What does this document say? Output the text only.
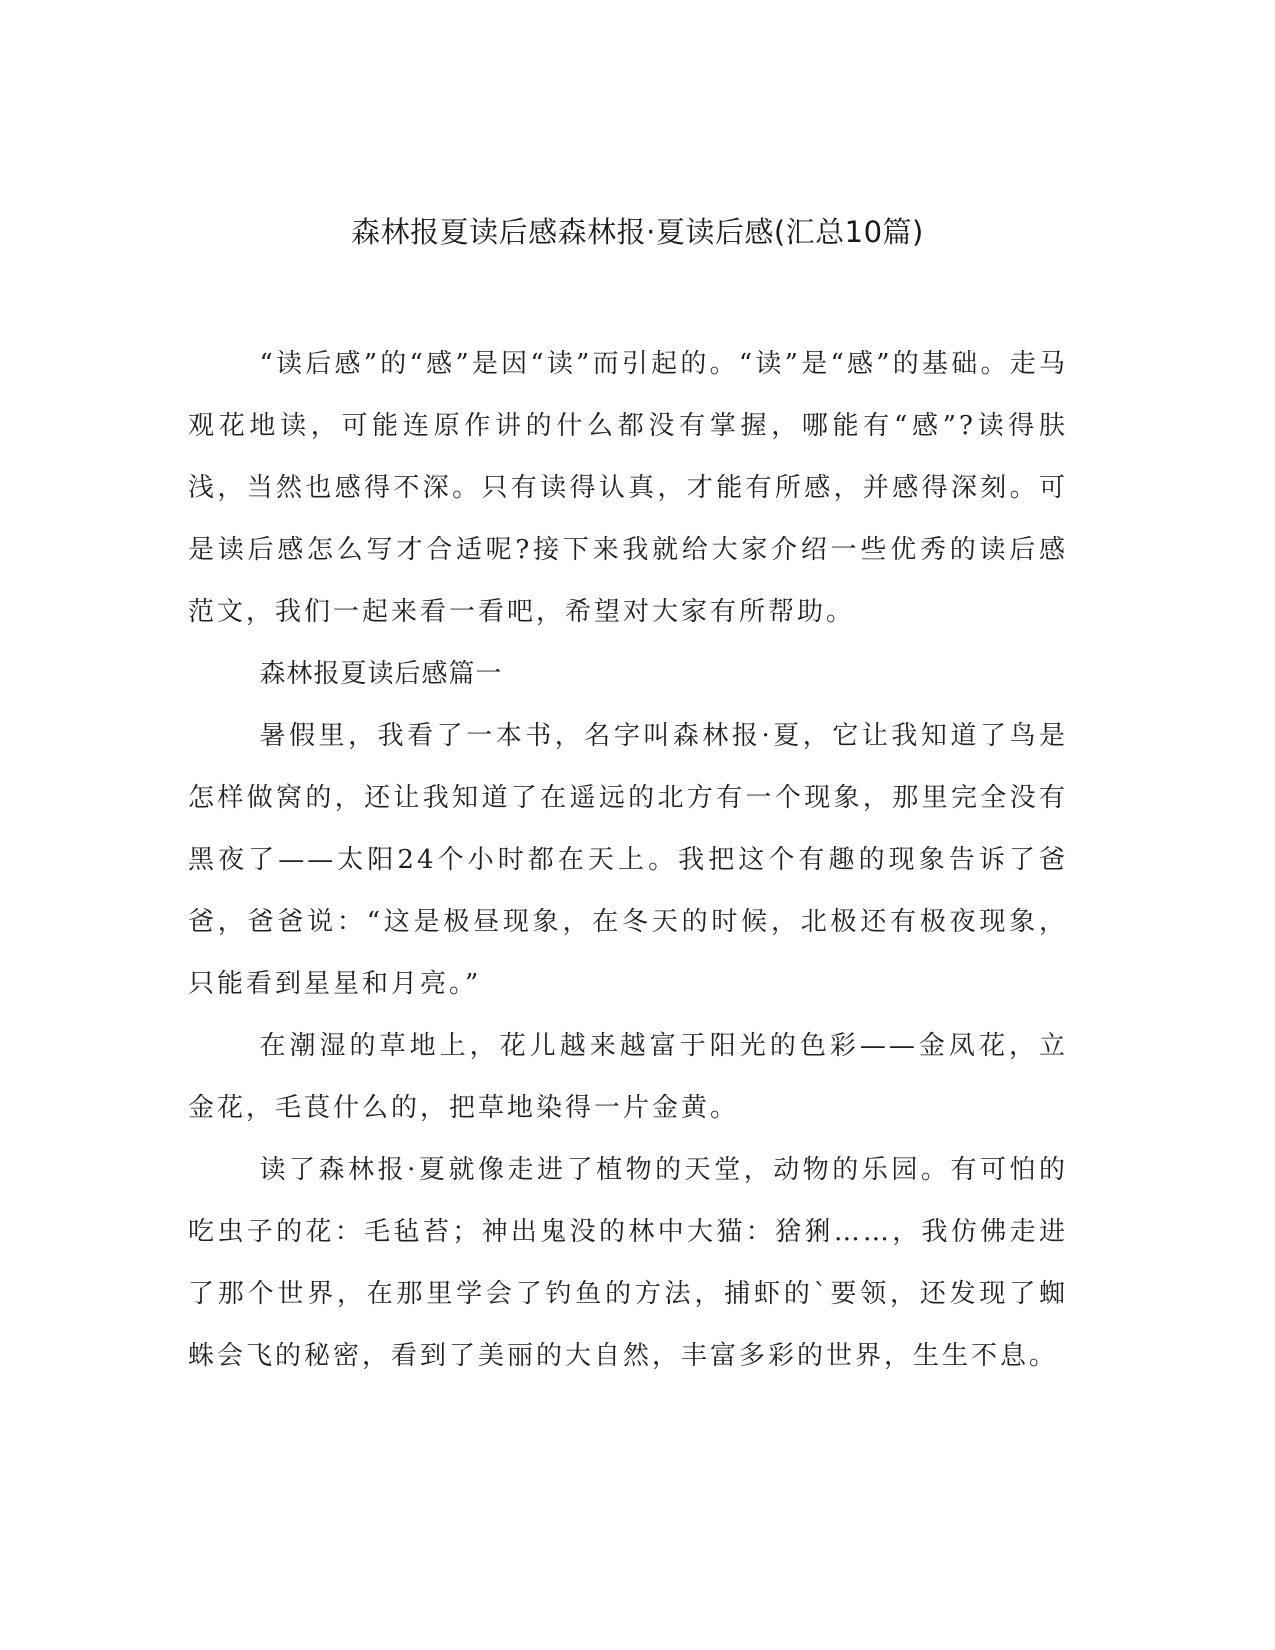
森林报夏读后感森林报·夏读后感(汇总10篇)

“读后感”的“感”是因“读”而引起的。“读”是“感”的基础。走马观花地读，可能连原作讲的什么都没有掌握，哪能有“感”?读得肤浅，当然也感得不深。只有读得认真，才能有所感，并感得深刻。可是读后感怎么写才合适呢?接下来我就给大家介绍一些优秀的读后感范文，我们一起来看一看吧，希望对大家有所帮助。

森林报夏读后感篇一

暑假里，我看了一本书，名字叫森林报·夏，它让我知道了鸟是怎样做窝的，还让我知道了在遥远的北方有一个现象，那里完全没有黑夜了——太阳24个小时都在天上。我把这个有趣的现象告诉了爸爸，爸爸说：“这是极昼现象，在冬天的时候，北极还有极夜现象，只能看到星星和月亮。”

在潮湿的草地上，花儿越来越富于阳光的色彩——金凤花，立金花，毛茛什么的，把草地染得一片金黄。

读了森林报·夏就像走进了植物的天堂，动物的乐园。有可怕的吃虫子的花：毛毡苔；神出鬼没的林中大猫：猞猁……，我仿佛走进了那个世界，在那里学会了钓鱼的方法，捕虾的`要领，还发现了蜘蛛会飞的秘密，看到了美丽的大自然，丰富多彩的世界，生生不息。
